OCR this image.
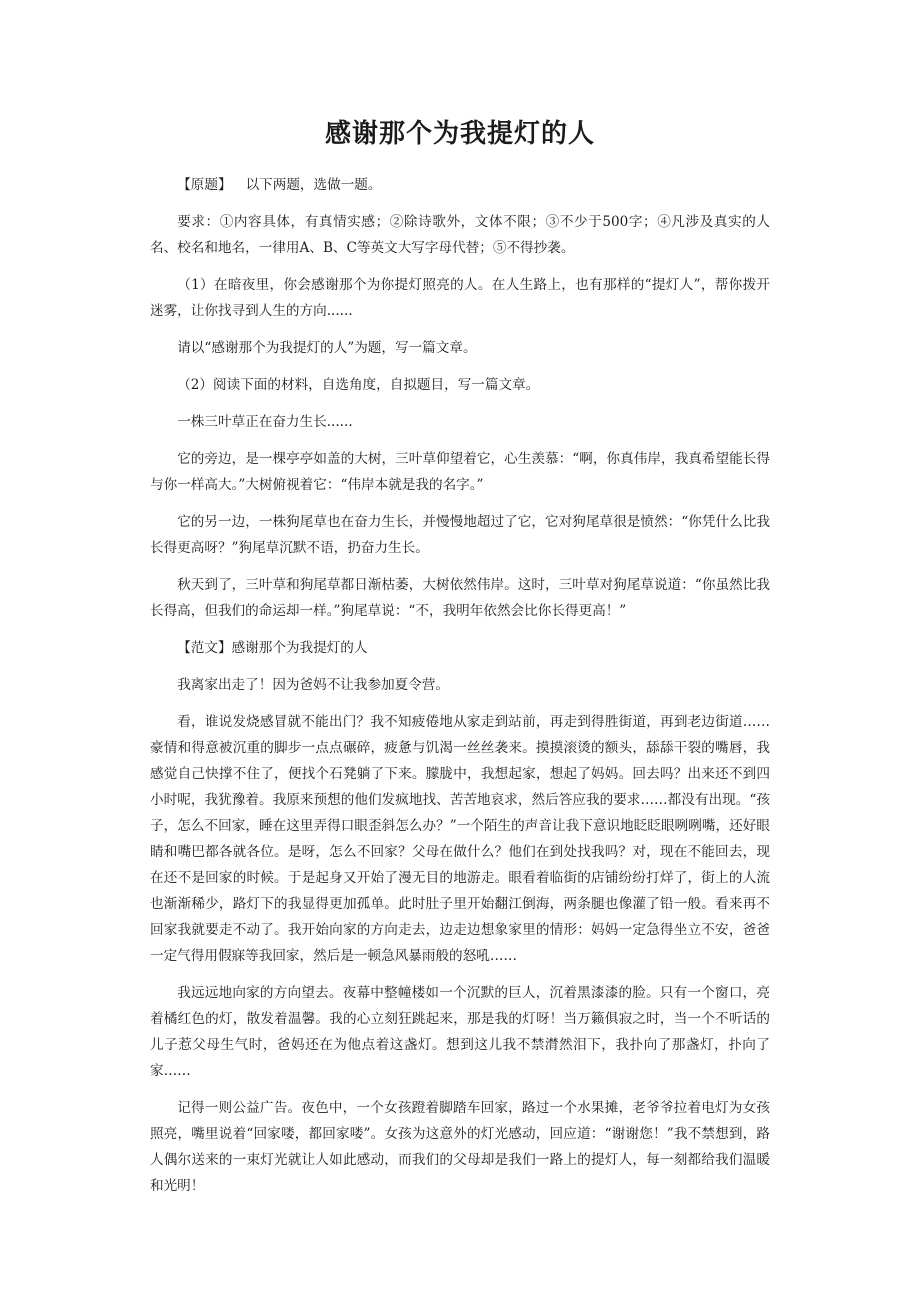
感谢那个为我提灯的人

【原题】 以下两题，选做一题。

要求：①内容具体，有真情实感；②除诗歌外，文体不限；③不少于500字；④凡涉及真实的人名、校名和地名，一律用A、B、C等英文大写字母代替；⑤不得抄袭。

（1）在暗夜里，你会感谢那个为你提灯照亮的人。在人生路上，也有那样的“提灯人”，帮你拨开迷雾，让你找寻到人生的方向......

请以“感谢那个为我提灯的人”为题，写一篇文章。

（2）阅读下面的材料，自选角度，自拟题目，写一篇文章。

一株三叶草正在奋力生长......

它的旁边，是一棵亭亭如盖的大树，三叶草仰望着它，心生羡慕：“啊，你真伟岸，我真希望能长得与你一样高大。”大树俯视着它：“伟岸本就是我的名字。”

它的另一边，一株狗尾草也在奋力生长，并慢慢地超过了它，它对狗尾草很是愤然：“你凭什么比我长得更高呀？”狗尾草沉默不语，扔奋力生长。

秋天到了，三叶草和狗尾草都日渐枯萎，大树依然伟岸。这时，三叶草对狗尾草说道：“你虽然比我长得高，但我们的命运却一样。”狗尾草说：“不，我明年依然会比你长得更高！”

【范文】感谢那个为我提灯的人

我离家出走了！因为爸妈不让我参加夏令营。

看，谁说发烧感冒就不能出门？我不知疲倦地从家走到站前，再走到得胜街道，再到老边街道……豪情和得意被沉重的脚步一点点碾碎，疲惫与饥渴一丝丝袭来。摸摸滚烫的额头，舔舔干裂的嘴唇，我感觉自己快撑不住了，便找个石凳躺了下来。朦胧中，我想起家，想起了妈妈。回去吗？出来还不到四小时呢，我犹豫着。我原来预想的他们发疯地找、苦苦地哀求，然后答应我的要求……都没有出现。“孩子，怎么不回家，睡在这里弄得口眼歪斜怎么办？”一个陌生的声音让我下意识地眨眨眼咧咧嘴，还好眼睛和嘴巴都各就各位。是呀，怎么不回家？父母在做什么？他们在到处找我吗？对，现在不能回去，现在还不是回家的时候。于是起身又开始了漫无目的地游走。眼看着临街的店铺纷纷打烊了，街上的人流也渐渐稀少，路灯下的我显得更加孤单。此时肚子里开始翻江倒海，两条腿也像灌了铅一般。看来再不回家我就要走不动了。我开始向家的方向走去，边走边想象家里的情形：妈妈一定急得坐立不安，爸爸一定气得用假寐等我回家，然后是一顿急风暴雨般的怒吼……

我远远地向家的方向望去。夜幕中整幢楼如一个沉默的巨人，沉着黑漆漆的脸。只有一个窗口，亮着橘红色的灯，散发着温馨。我的心立刻狂跳起来，那是我的灯呀！当万籁俱寂之时，当一个不听话的儿子惹父母生气时，爸妈还在为他点着这盏灯。想到这儿我不禁潸然泪下，我扑向了那盏灯，扑向了家……

记得一则公益广告。夜色中，一个女孩蹬着脚踏车回家，路过一个水果摊，老爷爷拉着电灯为女孩照亮，嘴里说着“回家喽，都回家喽”。女孩为这意外的灯光感动，回应道：“谢谢您！”我不禁想到，路人偶尔送来的一束灯光就让人如此感动，而我们的父母却是我们一路上的提灯人，每一刻都给我们温暖和光明！
